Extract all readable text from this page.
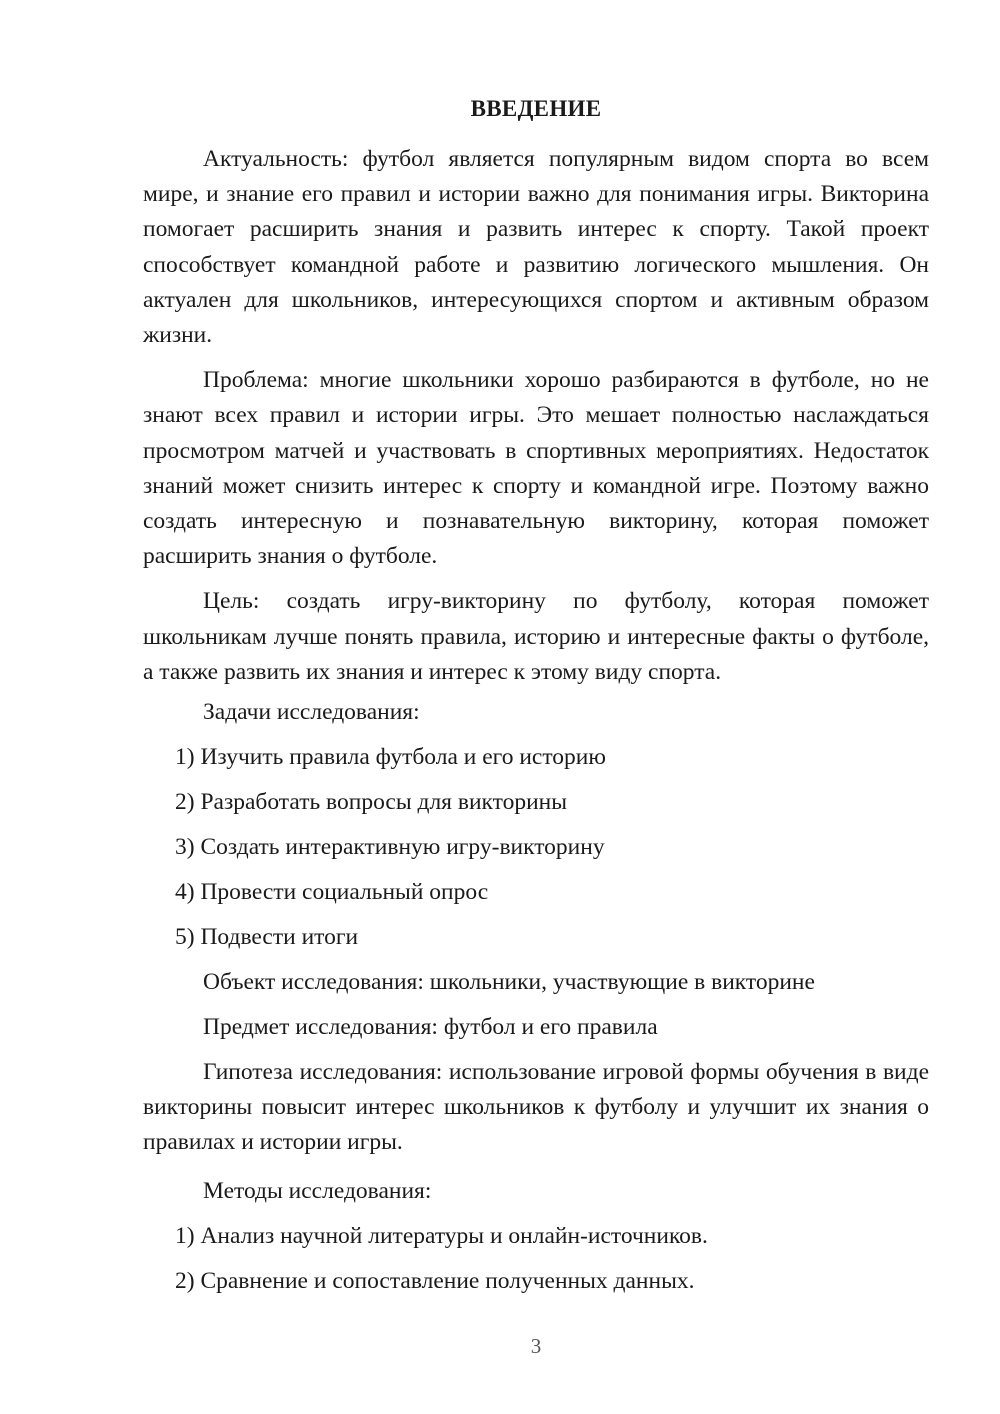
ВВЕДЕНИЕ

Актуальность: футбол является популярным видом спорта во всем мире, и знание его правил и истории важно для понимания игры. Викторина помогает расширить знания и развить интерес к спорту. Такой проект способствует командной работе и развитию логического мышления. Он актуален для школьников, интересующихся спортом и активным образом жизни.

Проблема: многие школьники хорошо разбираются в футболе, но не знают всех правил и истории игры. Это мешает полностью наслаждаться просмотром матчей и участвовать в спортивных мероприятиях. Недостаток знаний может снизить интерес к спорту и командной игре. Поэтому важно создать интересную и познавательную викторину, которая поможет расширить знания о футболе.

Цель: создать игру-викторину по футболу, которая поможет школьникам лучше понять правила, историю и интересные факты о футболе, а также развить их знания и интерес к этому виду спорта.

Задачи исследования:

1) Изучить правила футбола и его историю

2) Разработать вопросы для викторины

3) Создать интерактивную игру-викторину

4) Провести социальный опрос

5) Подвести итоги

Объект исследования: школьники, участвующие в викторине

Предмет исследования: футбол и его правила

Гипотеза исследования: использование игровой формы обучения в виде викторины повысит интерес школьников к футболу и улучшит их знания о правилах и истории игры.

Методы исследования:

1) Анализ научной литературы и онлайн-источников.

2) Сравнение и сопоставление полученных данных.

3
